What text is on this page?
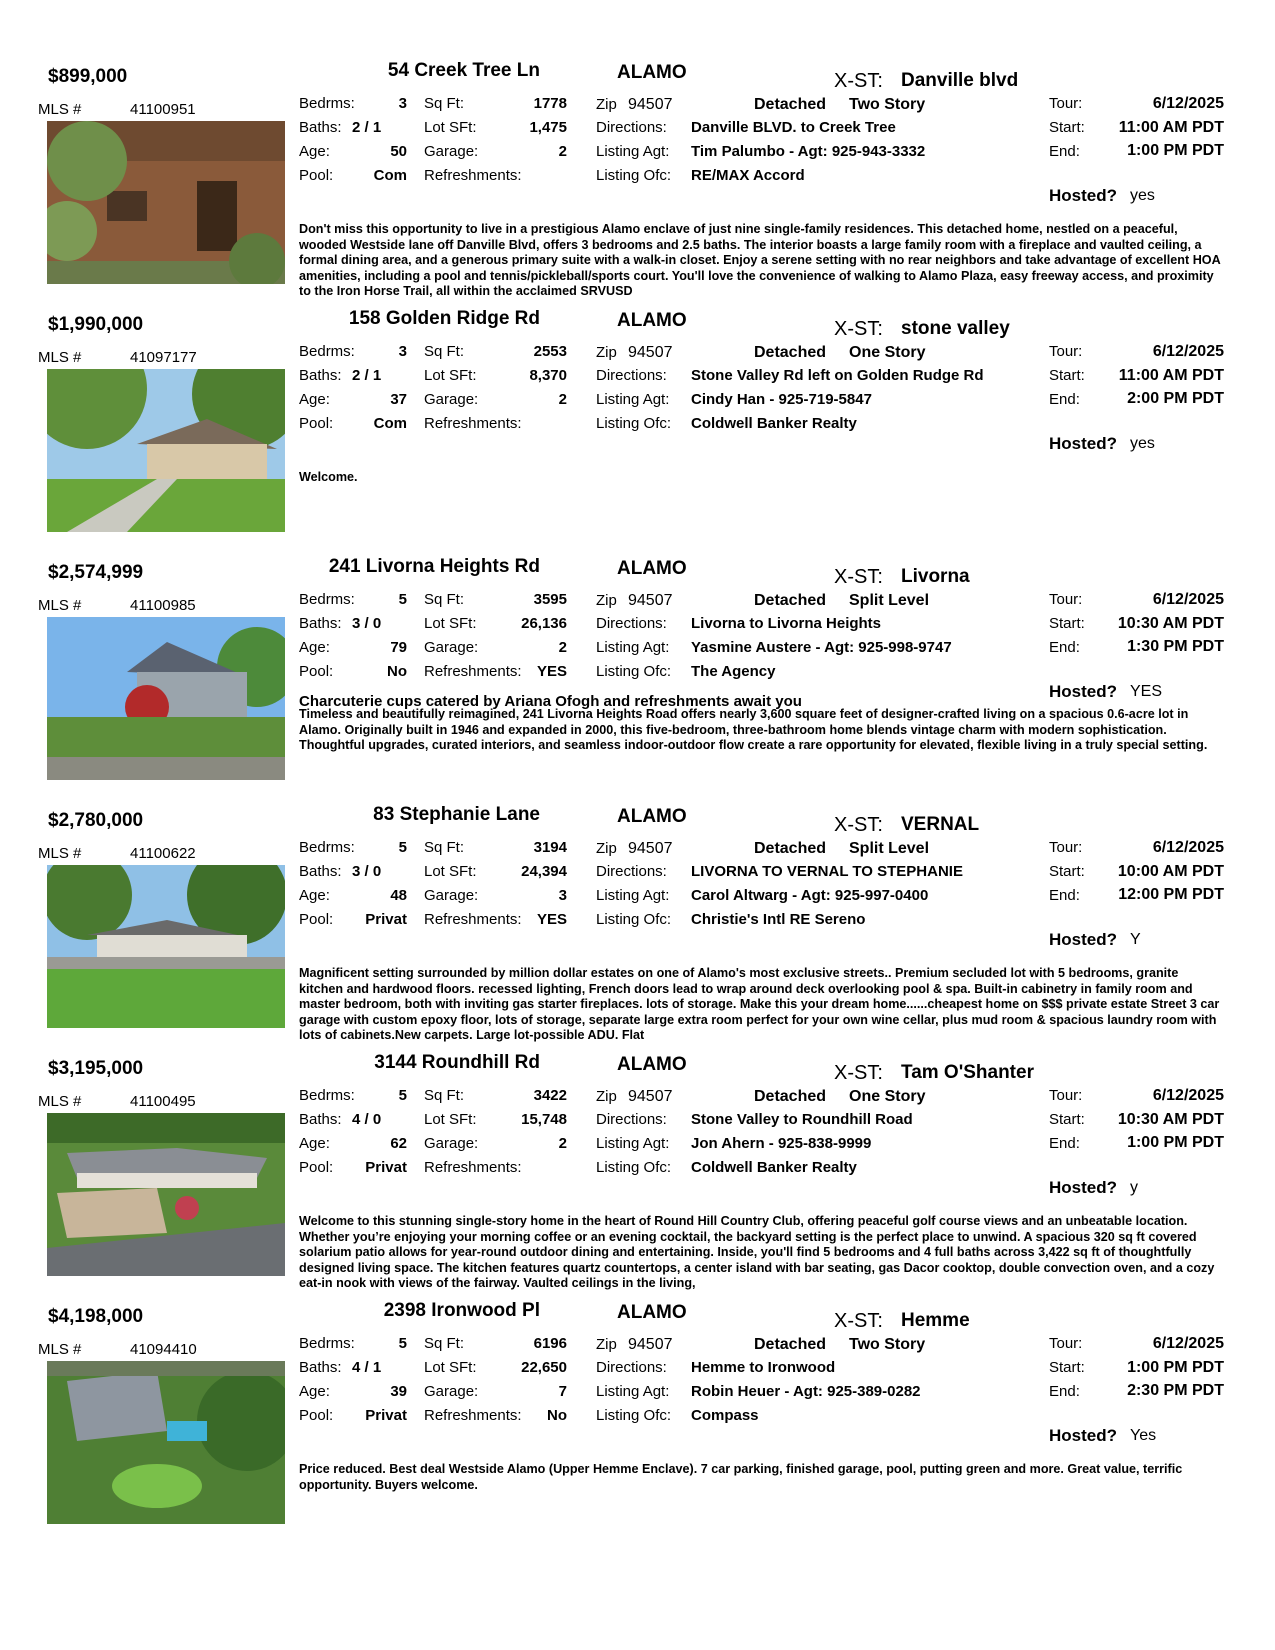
$899,000	54 Creek Tree Ln	ALAMO	X-ST: Danville blvd
MLS #	41100951	Bedrms:	3 Sq Ft:	1778
Baths: 2 / 1	Lot SFt:	1,475
Age:	50 Garage:	2
Pool:	Com Refreshments:
Zip 94507	Detached Two Story
Directions: Danville BLVD. to Creek Tree
Listing Agt: Tim Palumbo - Agt: 925-943-3332
Listing Ofc: RE/MAX Accord
Tour:	6/12/2025
Start:	11:00 AM PDT
End:	1:00 PM PDT
Hosted? yes
Don't miss this opportunity to live in a prestigious Alamo enclave of just nine single-family residences. This detached home, nestled on a peaceful, wooded Westside lane off Danville Blvd, offers 3 bedrooms and 2.5 baths. The interior boasts a large family room with a fireplace and vaulted ceiling, a formal dining area, and a generous primary suite with a walk-in closet. Enjoy a serene setting with no rear neighbors and take advantage of excellent HOA amenities, including a pool and tennis/pickleball/sports court. You'll love the convenience of walking to Alamo Plaza, easy freeway access, and proximity to the Iron Horse Trail, all within the acclaimed SRVUSD
$1,990,000	158 Golden Ridge Rd	ALAMO	X-ST: stone valley
MLS #	41097177	Bedrms:	3 Sq Ft:	2553
Baths: 2 / 1	Lot SFt:	8,370
Age:	37 Garage:	2
Pool:	Com Refreshments:
Zip 94507	Detached One Story
Directions: Stone Valley Rd left on Golden Rudge Rd
Listing Agt: Cindy Han - 925-719-5847
Listing Ofc: Coldwell Banker Realty
Tour:	6/12/2025
Start:	11:00 AM PDT
End:	2:00 PM PDT
Hosted? yes
Welcome.
$2,574,999	241 Livorna Heights Rd	ALAMO	X-ST: Livorna
MLS #	41100985	Bedrms:	5 Sq Ft:	3595
Baths: 3 / 0	Lot SFt:	26,136
Age:	79 Garage:	2
Pool:	No Refreshments:	YES
Zip 94507	Detached Split Level
Directions: Livorna to Livorna Heights
Listing Agt: Yasmine Austere - Agt: 925-998-9747
Listing Ofc: The Agency
Tour:	6/12/2025
Start:	10:30 AM PDT
End:	1:30 PM PDT
Hosted? YES
Charcuterie cups catered by Ariana Ofogh and refreshments await you
Timeless and beautifully reimagined, 241 Livorna Heights Road offers nearly 3,600 square feet of designer-crafted living on a spacious 0.6-acre lot in Alamo. Originally built in 1946 and expanded in 2000, this five-bedroom, three-bathroom home blends vintage charm with modern sophistication. Thoughtful upgrades, curated interiors, and seamless indoor-outdoor flow create a rare opportunity for elevated, flexible living in a truly special setting.
$2,780,000	83 Stephanie Lane	ALAMO	X-ST: VERNAL
MLS #	41100622	Bedrms:	5 Sq Ft:	3194
Baths: 3 / 0	Lot SFt:	24,394
Age:	48 Garage:	3
Pool:	Privat Refreshments:	YES
Zip 94507	Detached Split Level
Directions: LIVORNA TO VERNAL TO STEPHANIE
Listing Agt: Carol Altwarg - Agt: 925-997-0400
Listing Ofc: Christie's Intl RE Sereno
Tour:	6/12/2025
Start:	10:00 AM PDT
End:	12:00 PM PDT
Hosted? Y
Magnificent setting surrounded by million dollar estates on one of Alamo's most exclusive streets.. Premium secluded lot with 5 bedrooms, granite kitchen and hardwood floors. recessed lighting, French doors lead to wrap around deck overlooking pool & spa. Built-in cabinetry in family room and master bedroom, both with inviting gas starter fireplaces. lots of storage. Make this your dream home......cheapest home on $$$ private estate Street 3 car garage with custom epoxy floor, lots of storage, separate large extra room perfect for your own wine cellar, plus mud room & spacious laundry room with lots of cabinets.New carpets. Large lot-possible ADU. Flat
$3,195,000	3144 Roundhill Rd	ALAMO	X-ST: Tam O'Shanter
MLS #	41100495	Bedrms:	5 Sq Ft:	3422
Baths: 4 / 0	Lot SFt:	15,748
Age:	62 Garage:	2
Pool:	Privat Refreshments:
Zip 94507	Detached One Story
Directions: Stone Valley to Roundhill Road
Listing Agt: Jon Ahern - 925-838-9999
Listing Ofc: Coldwell Banker Realty
Tour:	6/12/2025
Start:	10:30 AM PDT
End:	1:00 PM PDT
Hosted? y
Welcome to this stunning single-story home in the heart of Round Hill Country Club, offering peaceful golf course views and an unbeatable location. Whether you’re enjoying your morning coffee or an evening cocktail, the backyard setting is the perfect place to unwind. A spacious 320 sq ft covered solarium patio allows for year-round outdoor dining and entertaining. Inside, you'll find 5 bedrooms and 4 full baths across 3,422 sq ft of thoughtfully designed living space. The kitchen features quartz countertops, a center island with bar seating, gas Dacor cooktop, double convection oven, and a cozy eat-in nook with views of the fairway. Vaulted ceilings in the living,
$4,198,000	2398 Ironwood Pl	ALAMO	X-ST: Hemme
MLS #	41094410	Bedrms:	5 Sq Ft:	6196
Baths: 4 / 1	Lot SFt:	22,650
Age:	39 Garage:	7
Pool:	Privat Refreshments:	No
Zip 94507	Detached Two Story
Directions: Hemme to Ironwood
Listing Agt: Robin Heuer - Agt: 925-389-0282
Listing Ofc: Compass
Tour:	6/12/2025
Start:	1:00 PM PDT
End:	2:30 PM PDT
Hosted? Yes
Price reduced. Best deal Westside Alamo (Upper Hemme Enclave). 7 car parking, finished garage, pool, putting green and more. Great value, terrific opportunity. Buyers welcome.
